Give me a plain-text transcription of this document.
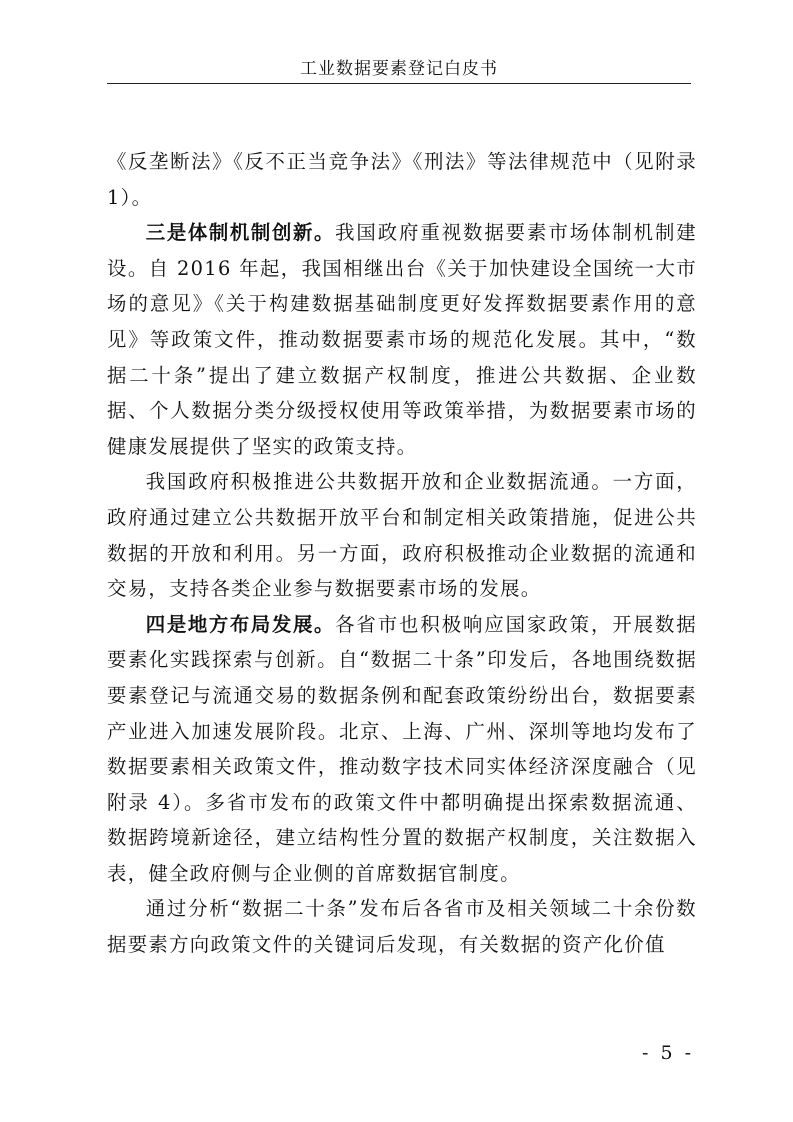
工业数据要素登记白皮书

《反垄断法》《反不正当竞争法》《刑法》等法律规范中（见附录 1）。

三是体制机制创新。我国政府重视数据要素市场体制机制建设。自 2016 年起，我国相继出台《关于加快建设全国统一大市场的意见》《关于构建数据基础制度更好发挥数据要素作用的意见》等政策文件，推动数据要素市场的规范化发展。其中，“数据二十条”提出了建立数据产权制度，推进公共数据、企业数据、个人数据分类分级授权使用等政策举措，为数据要素市场的健康发展提供了坚实的政策支持。

我国政府积极推进公共数据开放和企业数据流通。一方面，政府通过建立公共数据开放平台和制定相关政策措施，促进公共数据的开放和利用。另一方面，政府积极推动企业数据的流通和交易，支持各类企业参与数据要素市场的发展。

四是地方布局发展。各省市也积极响应国家政策，开展数据要素化实践探索与创新。自“数据二十条”印发后，各地围绕数据要素登记与流通交易的数据条例和配套政策纷纷出台，数据要素产业进入加速发展阶段。北京、上海、广州、深圳等地均发布了数据要素相关政策文件，推动数字技术同实体经济深度融合（见附录 4）。多省市发布的政策文件中都明确提出探索数据流通、数据跨境新途径，建立结构性分置的数据产权制度，关注数据入表，健全政府侧与企业侧的首席数据官制度。

通过分析“数据二十条”发布后各省市及相关领域二十余份数据要素方向政策文件的关键词后发现，有关数据的资产化价值

- 5 -
